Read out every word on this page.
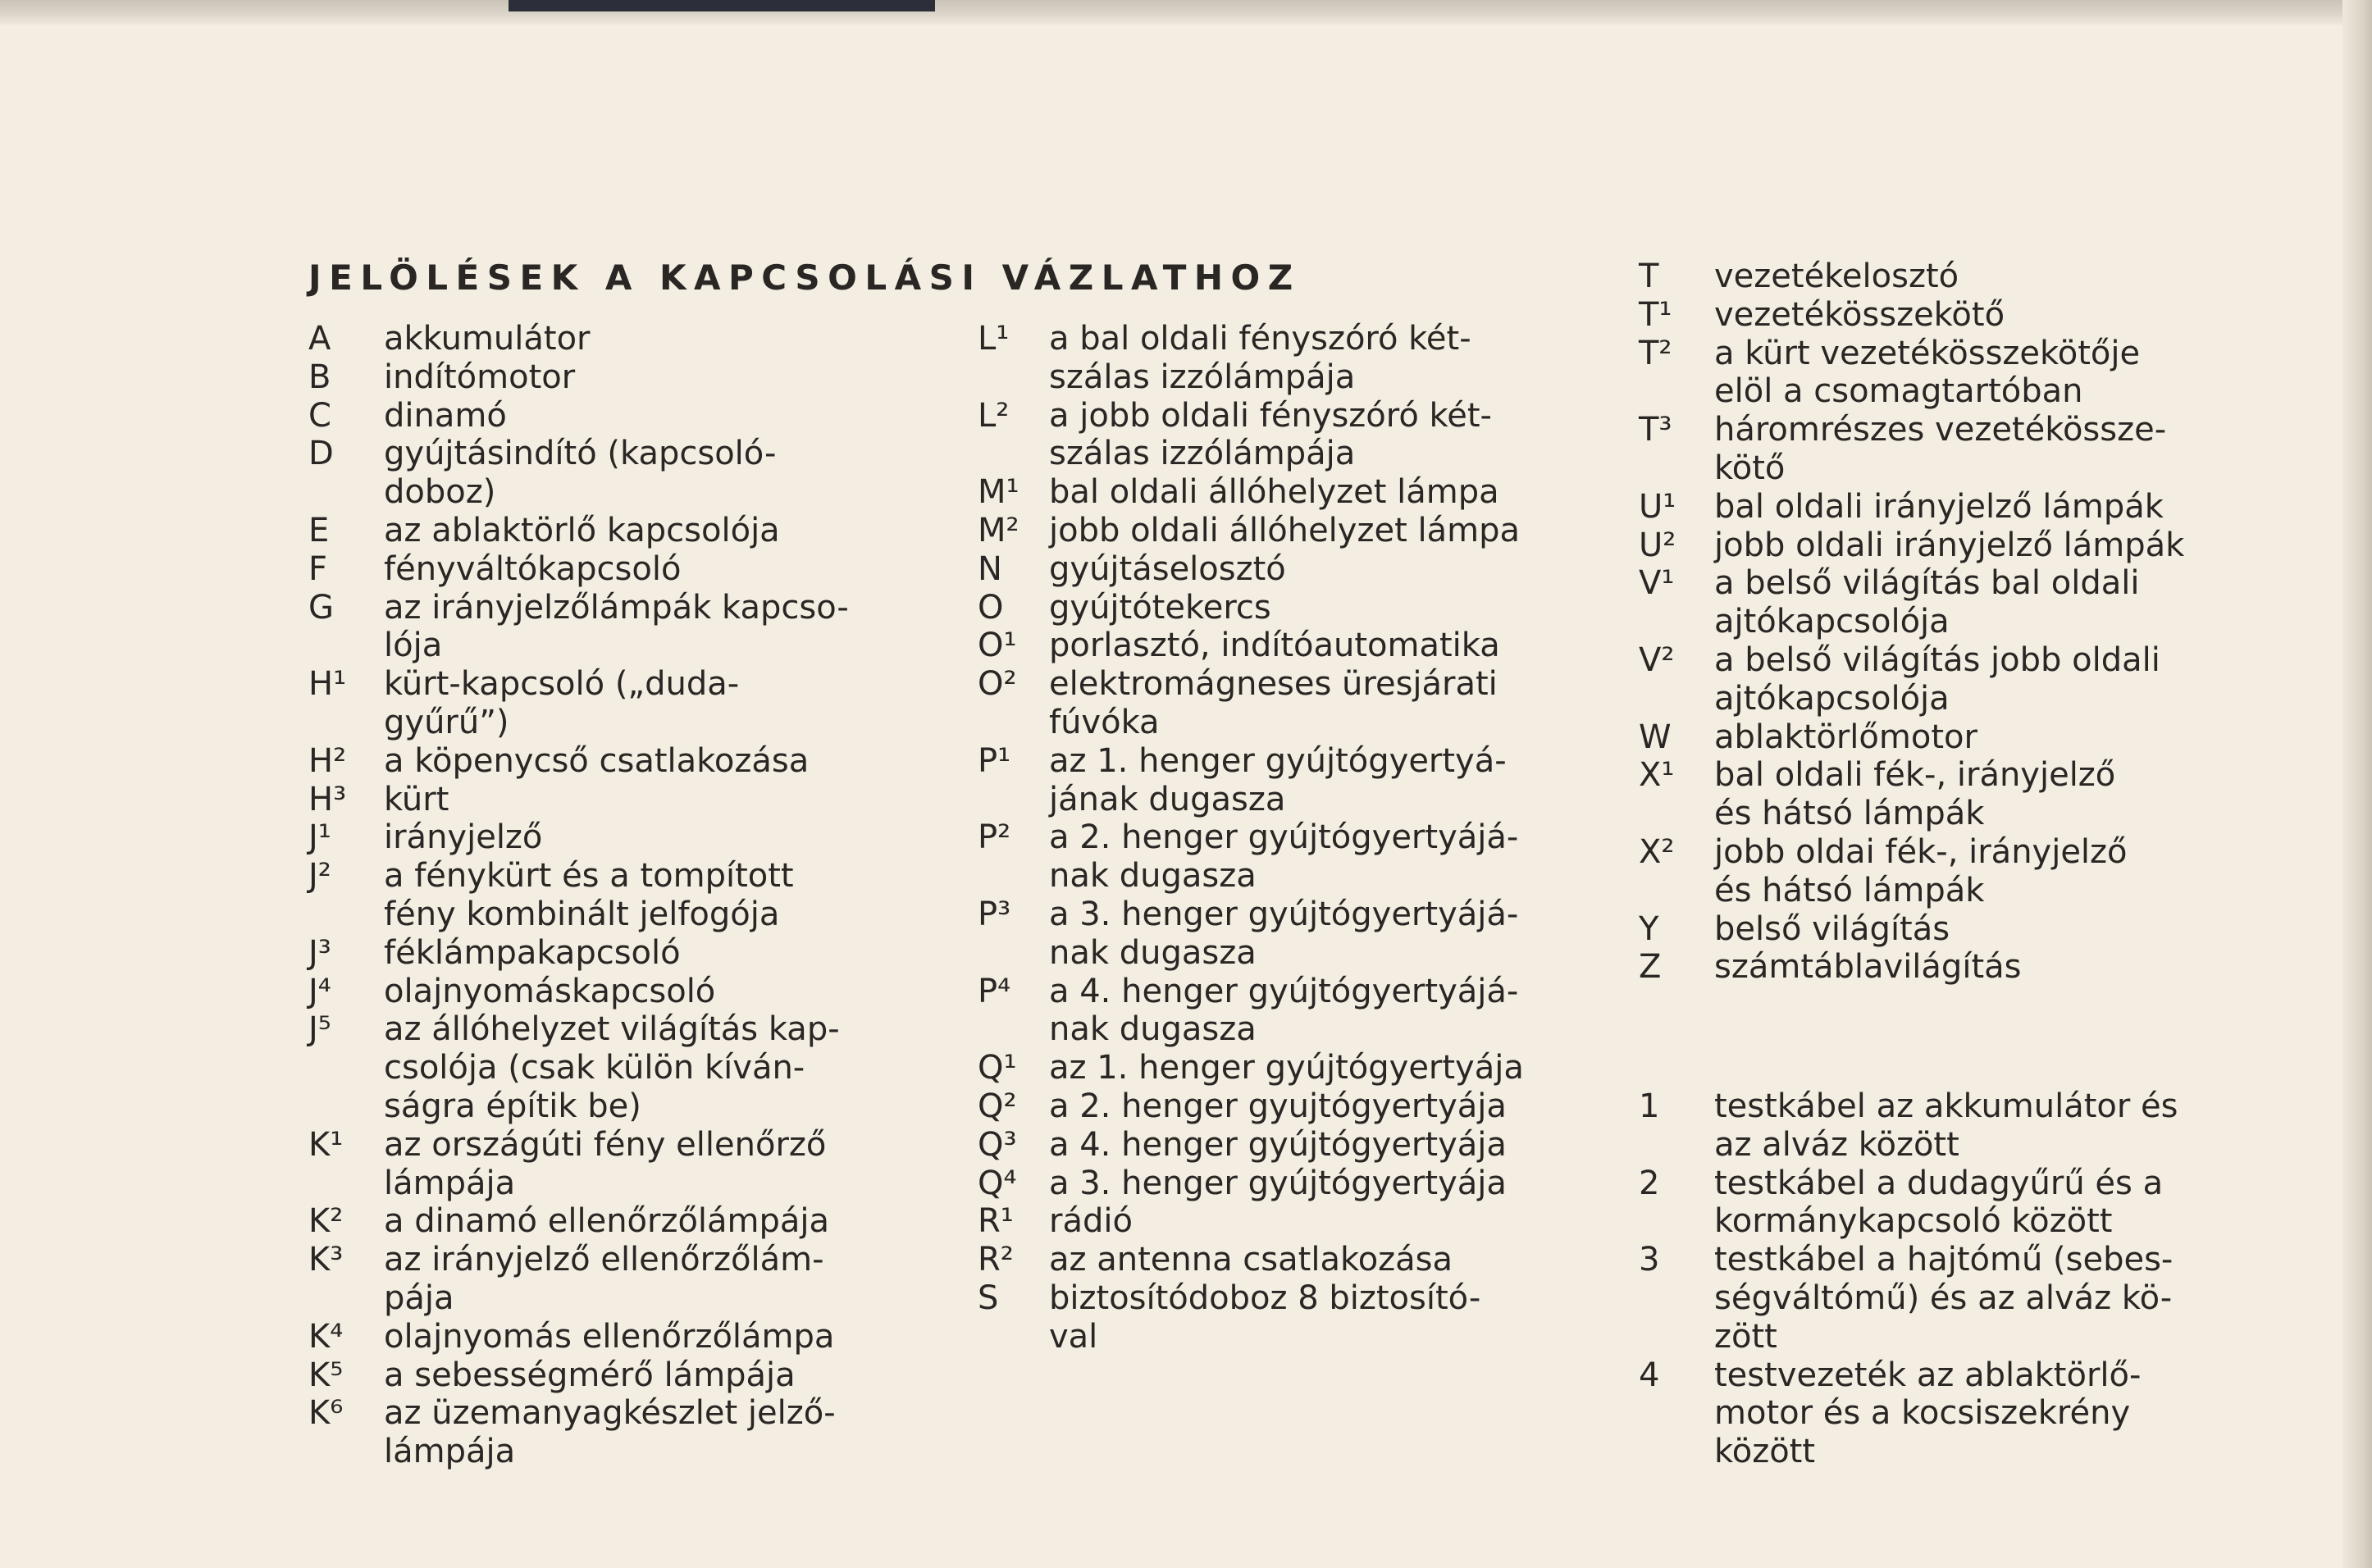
JELÖLÉSEK A KAPCSOLÁSI VÁZLATHOZ
A	akkumulátor
B	indítómotor
C	dinamó
D	gyújtásindító (kapcsoló-
doboz)
E	az ablaktörlő kapcsolója
F	fényváltókapcsoló
G	az irányjelzőlámpák kapcso-
lója
H¹	kürt-kapcsoló („duda-
gyűrű”)
H²	a köpenycső csatlakozása
H³	kürt
J¹	irányjelző
J²	a fénykürt és a tompított
fény kombinált jelfogója
J³	féklámpakapcsoló
J⁴	olajnyomáskapcsoló
J⁵	az állóhelyzet világítás kap-
csolója (csak külön kíván-
ságra építik be)
K¹	az országúti fény ellenőrző
lámpája
K²	a dinamó ellenőrzőlámpája
K³	az irányjelző ellenőrzőlám-
pája
K⁴	olajnyomás ellenőrzőlámpa
K⁵	a sebességmérő lámpája
K⁶	az üzemanyagkészlet jelző-
lámpája
L¹	a bal oldali fényszóró két-
szálas izzólámpája
L²	a jobb oldali fényszóró két-
szálas izzólámpája
M¹ bal oldali állóhelyzet lámpa
M² jobb oldali állóhelyzet lámpa
N	gyújtáselosztó
O	gyújtótekercs
O¹ porlasztó, indítóautomatika
O² elektromágneses üresjárati
fúvóka
P¹	az 1. henger gyújtógyertyá-
jának dugasza
P²	a 2. henger gyújtógyertyájá-
nak dugasza
P³	a 3. henger gyújtógyertyájá-
nak dugasza
P⁴	a 4. henger gyújtógyertyájá-
nak dugasza
Q¹ az 1. henger gyújtógyertyája
Q² a 2. henger gyujtógyertyája
Q³ a 4. henger gyújtógyertyája
Q⁴ a 3. henger gyújtógyertyája
R¹	rádió
R²	az antenna csatlakozása
S	biztosítódoboz 8 biztosító-
val
T	vezetékelosztó
T¹	vezetékösszekötő
T²	a kürt vezetékösszekötője
elöl a csomagtartóban
T³	háromrészes vezetékössze-
kötő
U¹	bal oldali irányjelző lámpák
U²	jobb oldali irányjelző lámpák
V¹	a belső világítás bal oldali
ajtókapcsolója
V²	a belső világítás jobb oldali
ajtókapcsolója
W	ablaktörlőmotor
X¹	bal oldali fék-, irányjelző
és hátsó lámpák
X²	jobb oldai fék-, irányjelző
és hátsó lámpák
Y	belső világítás
Z	számtáblavilágítás
1	testkábel az akkumulátor és
az alváz között
2	testkábel a dudagyűrű és a
kormánykapcsoló között
3	testkábel a hajtómű (sebes-
ségváltómű) és az alváz kö-
zött
4	testvezeték az ablaktörlő-
motor és a kocsiszekrény
között
